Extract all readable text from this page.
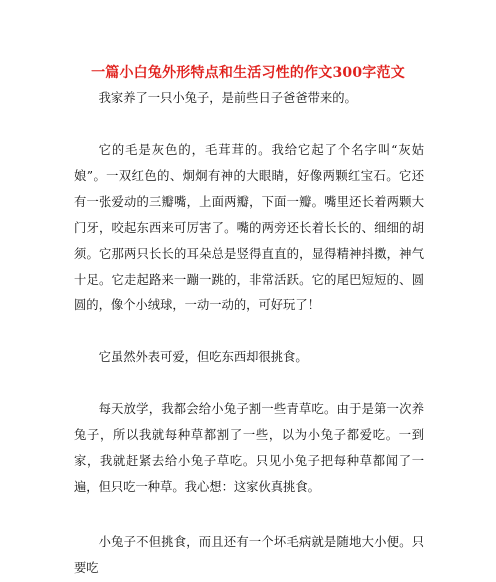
一篇小白兔外形特点和生活习性的作文300字范文

我家养了一只小兔子，是前些日子爸爸带来的。

它的毛是灰色的，毛茸茸的。我给它起了个名字叫“灰姑娘”。一双红色的、炯炯有神的大眼睛，好像两颗红宝石。它还有一张爱动的三瓣嘴，上面两瓣，下面一瓣。嘴里还长着两颗大门牙，咬起东西来可厉害了。嘴的两旁还长着长长的、细细的胡须。它那两只长长的耳朵总是竖得直直的，显得精神抖擞，神气十足。它走起路来一蹦一跳的，非常活跃。它的尾巴短短的、圆圆的，像个小绒球，一动一动的，可好玩了！

它虽然外表可爱，但吃东西却很挑食。

每天放学，我都会给小兔子割一些青草吃。由于是第一次养兔子，所以我就每种草都割了一些，以为小兔子都爱吃。一到家，我就赶紧去给小兔子草吃。只见小兔子把每种草都闻了一遍，但只吃一种草。我心想：这家伙真挑食。

小兔子不但挑食，而且还有一个坏毛病就是随地大小便。只要吃
